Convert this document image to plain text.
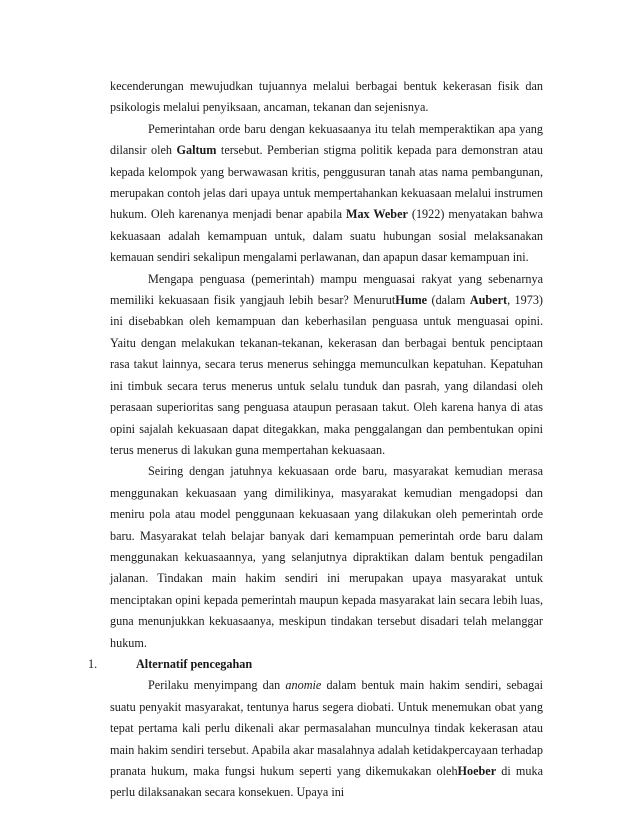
kecenderungan mewujudkan tujuannya melalui berbagai bentuk kekerasan fisik dan psikologis melalui penyiksaan, ancaman, tekanan dan sejenisnya.

Pemerintahan orde baru dengan kekuasaanya itu telah memperaktikan apa yang dilansir oleh Galtum tersebut. Pemberian stigma politik kepada para demonstran atau kepada kelompok yang berwawasan kritis, penggusuran tanah atas nama pembangunan, merupakan contoh jelas dari upaya untuk mempertahankan kekuasaan melalui instrumen hukum. Oleh karenanya menjadi benar apabila Max Weber (1922) menyatakan bahwa kekuasaan adalah kemampuan untuk, dalam suatu hubungan sosial melaksanakan kemauan sendiri sekalipun mengalami perlawanan, dan apapun dasar kemampuan ini.

Mengapa penguasa (pemerintah) mampu menguasai rakyat yang sebenarnya memiliki kekuasaan fisik yangjauh lebih besar? MenurutHume (dalam Aubert, 1973) ini disebabkan oleh kemampuan dan keberhasilan penguasa untuk menguasai opini. Yaitu dengan melakukan tekanan-tekanan, kekerasan dan berbagai bentuk penciptaan rasa takut lainnya, secara terus menerus sehingga memunculkan kepatuhan. Kepatuhan ini timbuk secara terus menerus untuk selalu tunduk dan pasrah, yang dilandasi oleh perasaan superioritas sang penguasa ataupun perasaan takut. Oleh karena hanya di atas opini sajalah kekuasaan dapat ditegakkan, maka penggalangan dan pembentukan opini terus menerus di lakukan guna mempertahan kekuasaan.

Seiring dengan jatuhnya kekuasaan orde baru, masyarakat kemudian merasa menggunakan kekuasaan yang dimilikinya, masyarakat kemudian mengadopsi dan meniru pola atau model penggunaan kekuasaan yang dilakukan oleh pemerintah orde baru. Masyarakat telah belajar banyak dari kemampuan pemerintah orde baru dalam menggunakan kekuasaannya, yang selanjutnya dipraktikan dalam bentuk pengadilan jalanan. Tindakan main hakim sendiri ini merupakan upaya masyarakat untuk menciptakan opini kepada pemerintah maupun kepada masyarakat lain secara lebih luas, guna menunjukkan kekuasaanya, meskipun tindakan tersebut disadari telah melanggar hukum.

1.	Alternatif pencegahan

Perilaku menyimpang dan anomie dalam bentuk main hakim sendiri, sebagai suatu penyakit masyarakat, tentunya harus segera diobati. Untuk menemukan obat yang tepat pertama kali perlu dikenali akar permasalahan munculnya tindak kekerasan atau main hakim sendiri tersebut. Apabila akar masalahnya adalah ketidakpercayaan terhadap pranata hukum, maka fungsi hukum seperti yang dikemukakan olehHoeber di muka perlu dilaksanakan secara konsekuen. Upaya ini
